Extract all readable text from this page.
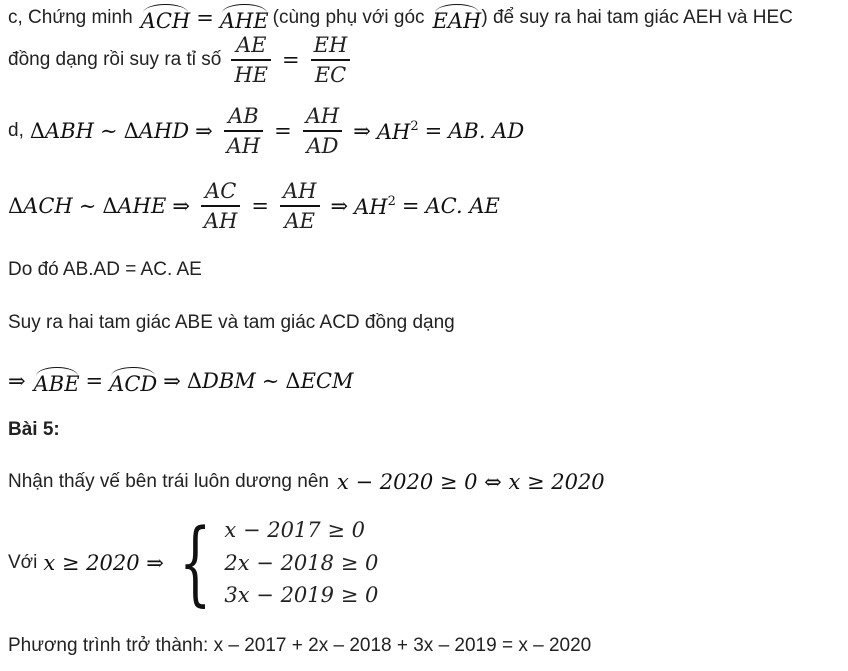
c, Chứng minh ACH = AHE (cùng phụ với góc EAH ) để suy ra hai tam giác AEH và HEC
đồng dạng rồi suy ra tỉ số $\frac{AE}{HE} = \frac{EH}{EC}$
d, ΔABH ∼ ΔAHD ⇒ $\frac{AB}{AH} = \frac{AH}{AD}$ ⇒ $AH^2$ = AB. AD
ΔACH ∼ ΔAHE ⇒ $\frac{AC}{AH} = \frac{AH}{AE}$ ⇒ $AH^2$ = AC. AE
Do đó AB.AD = AC. AE
Suy ra hai tam giác ABE và tam giác ACD đồng dạng
⇒ ABE = ACD ⇒ ΔDBM ∼ ΔECM
Bài 5:
Nhận thấy vế bên trái luôn dương nên x − 2020 ≥ 0 ⇔ x ≥ 2020
Với x ≥ 2020 ⇒ { x − 2017 ≥ 0
2x − 2018 ≥ 0
3x − 2019 ≥ 0
Phương trình trở thành: x – 2017 + 2x – 2018 + 3x – 2019 = x – 2020
